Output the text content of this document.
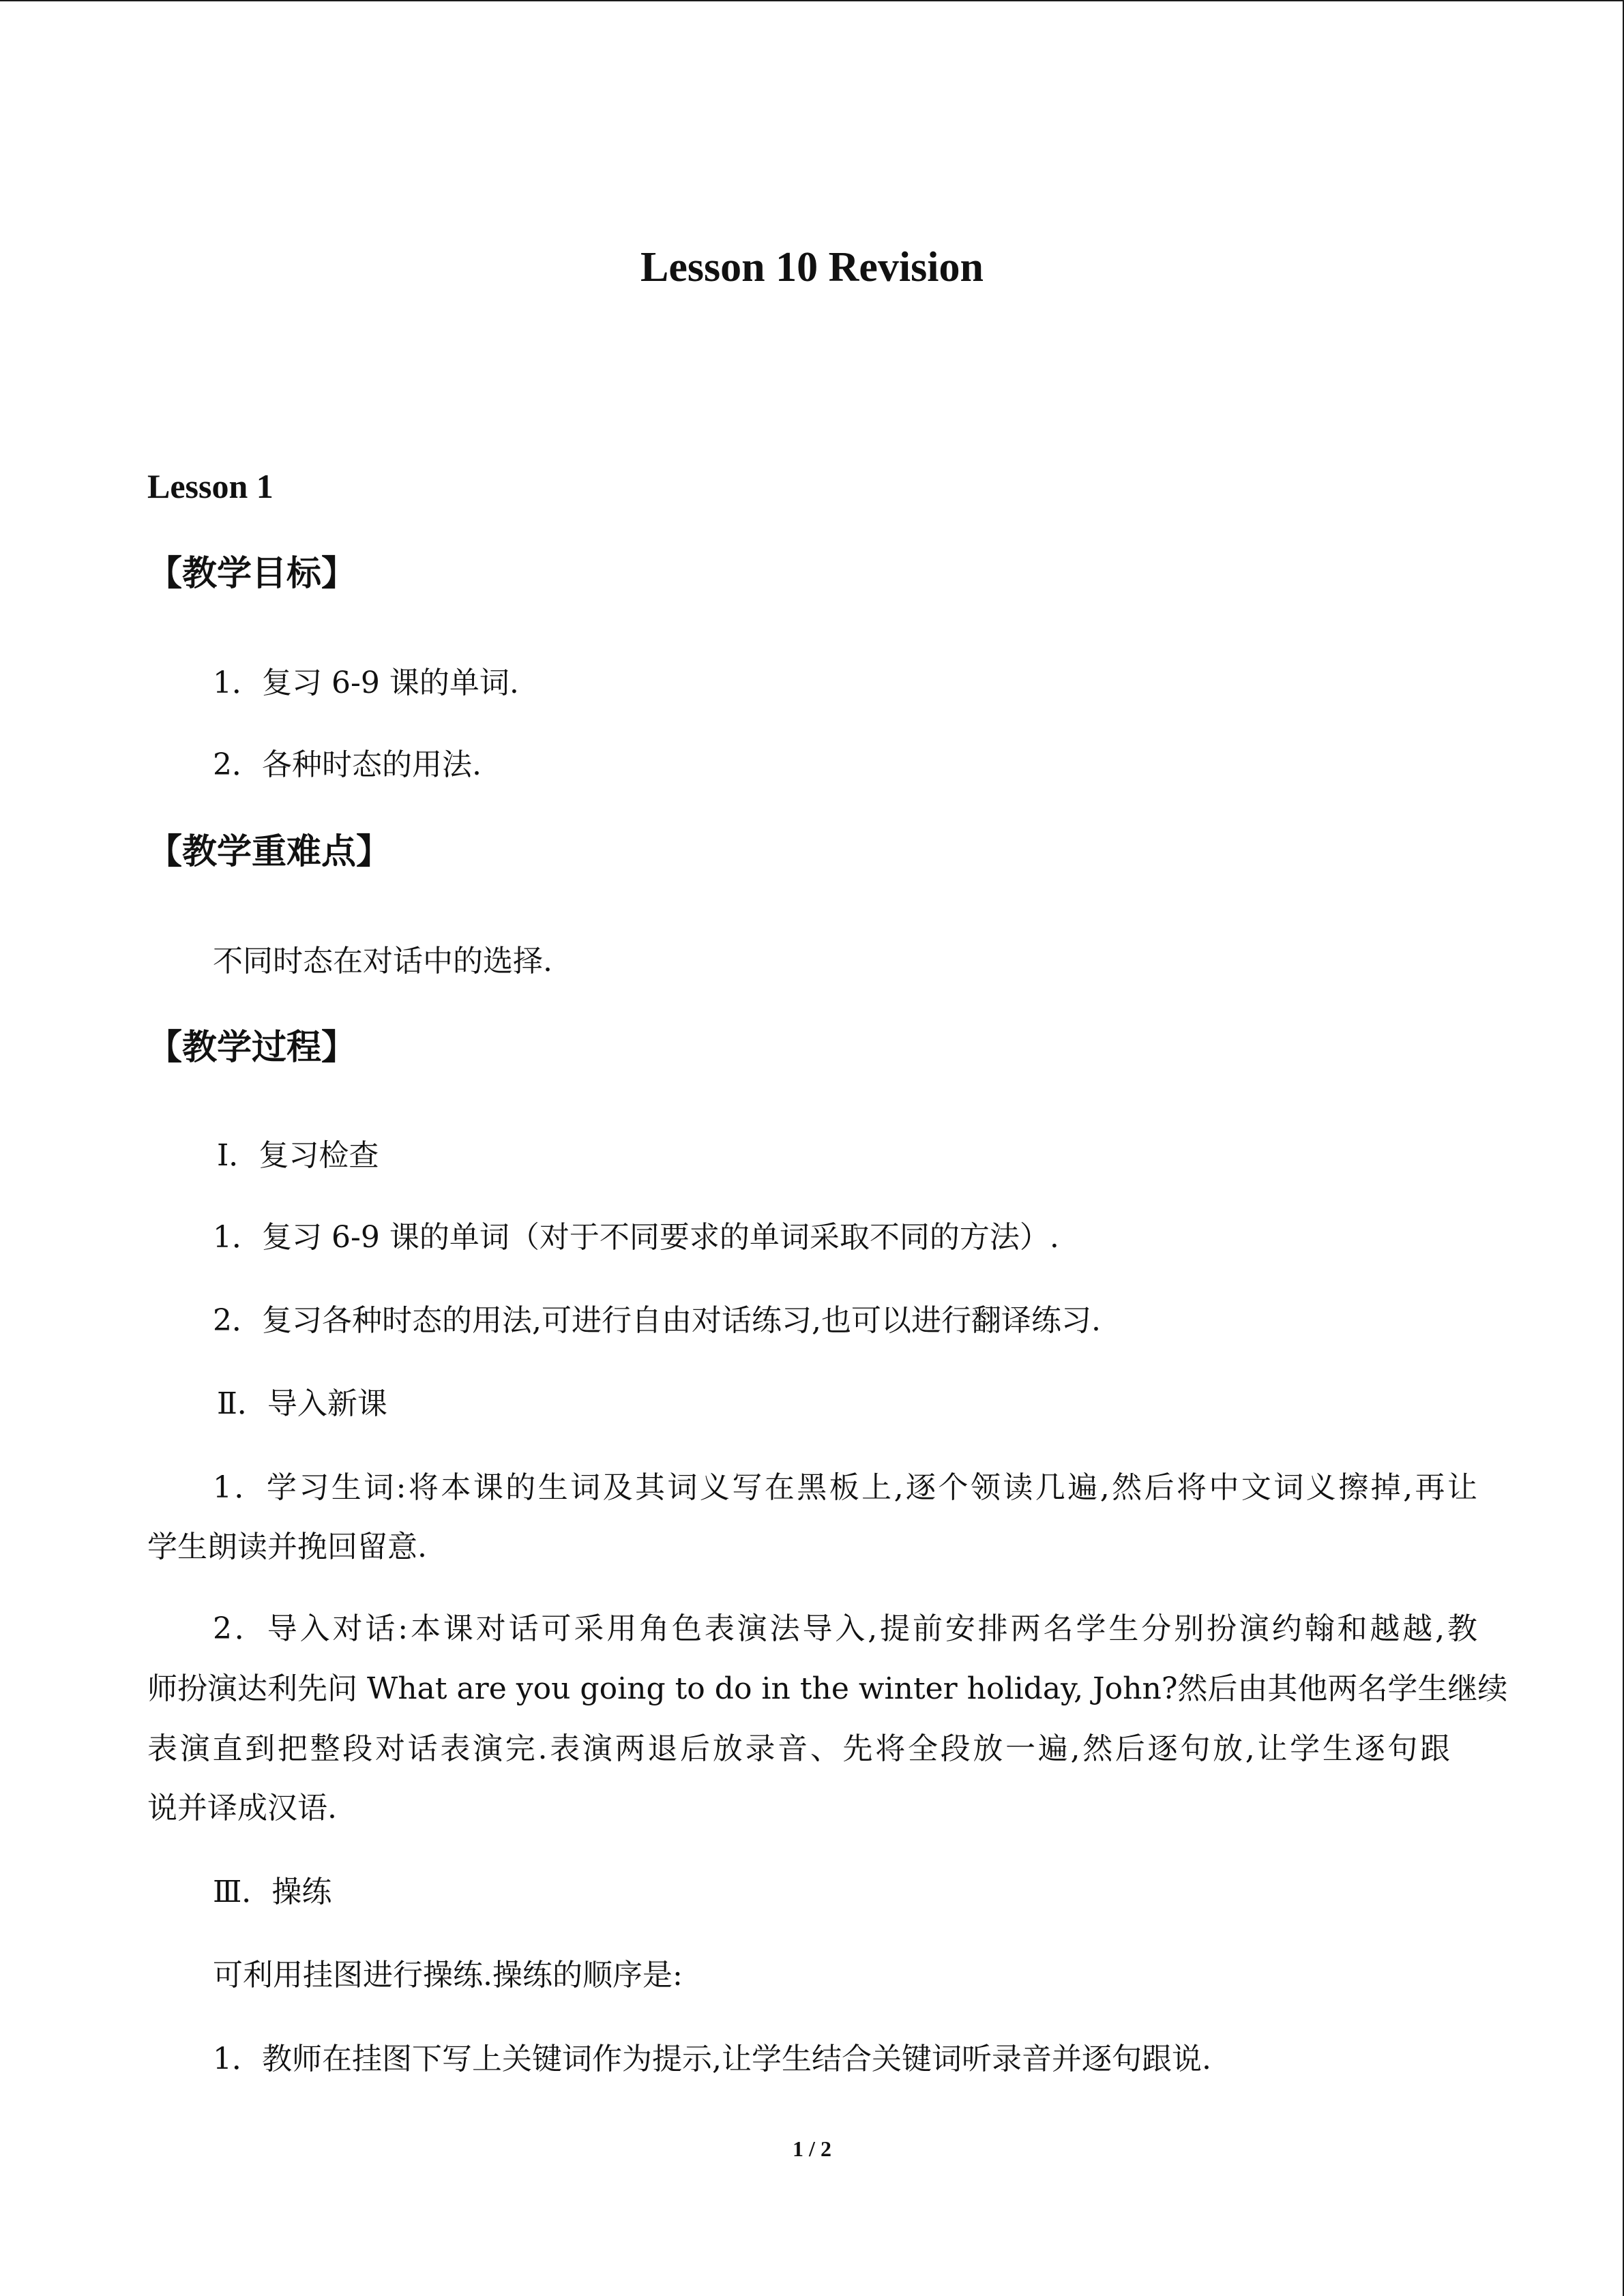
Lesson 10 Revision
Lesson 1
【教学目标】

1．复习 6-9 课的单词.

2．各种时态的用法.

【教学重难点】

不同时态在对话中的选择.

【教学过程】

Ⅰ．复习检查

1．复习 6-9 课的单词（对于不同要求的单词采取不同的方法）.

2．复习各种时态的用法,可进行自由对话练习,也可以进行翻译练习.

Ⅱ．导入新课

1．学习生词:将本课的生词及其词义写在黑板上,逐个领读几遍,然后将中文词义擦掉,再让

学生朗读并挽回留意.

2．导入对话:本课对话可采用角色表演法导入,提前安排两名学生分别扮演约翰和越越,教

师扮演达利先问 What are you going to do in the winter holiday, John?然后由其他两名学生继续

表演直到把整段对话表演完.表演两退后放录音、先将全段放一遍,然后逐句放,让学生逐句跟

说并译成汉语.

Ⅲ．操练

可利用挂图进行操练.操练的顺序是:

1．教师在挂图下写上关键词作为提示,让学生结合关键词听录音并逐句跟说.

1 / 2
